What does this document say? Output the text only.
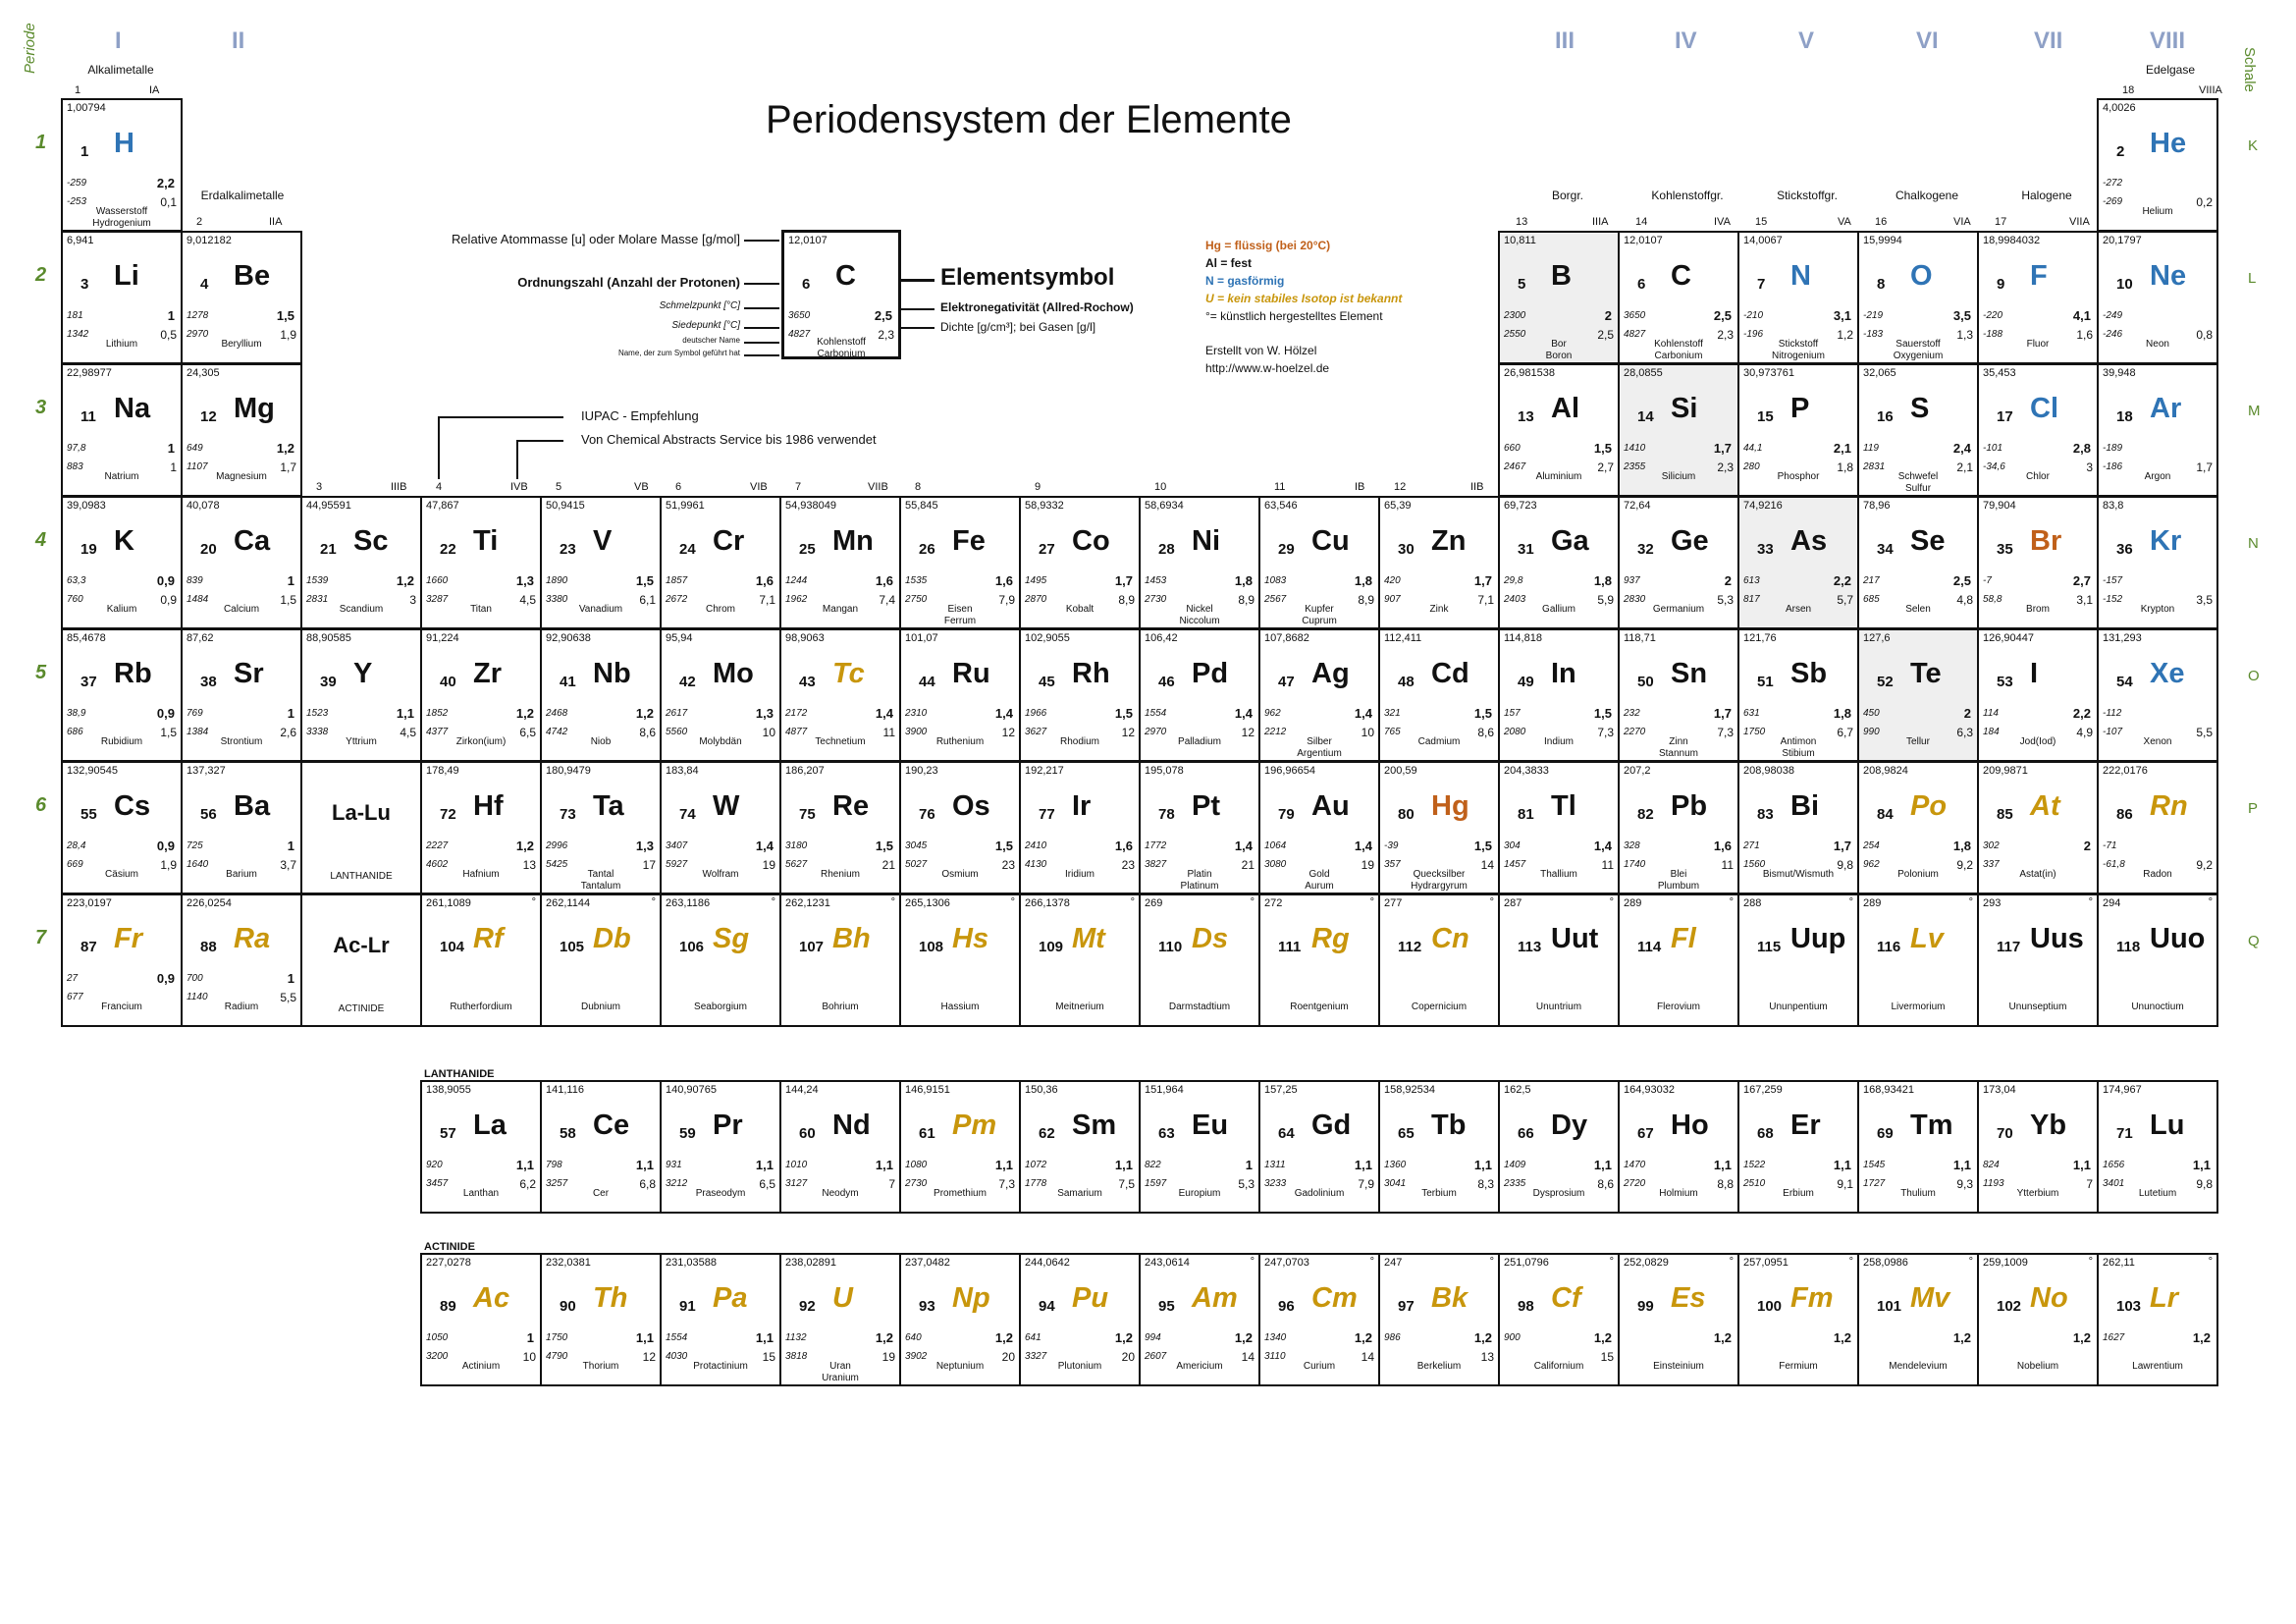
Periodensystem der Elemente
I	II	III	IV	V	VI	VII	VIII
Periode	Schale
Alkalimetalle
Erdalkalimetalle
Edelgase
Borgr.	Kohlenstoffgr.	Stickstoffgr.	Chalkogene	Halogene
1	IA	18	VIIIA
2	IIA	13	IIIA 14	IVA 15	VA 16	VIA 17	VIIA
3	IIIB	4	IVB	5	VB 6	VIB	7	VIIB 8	9	10	11	IB	12	IIB
12,0107
6 C
3650
4827
2,5
2,3
Kohlenstoff
Carbonium
Relative Atommasse [u] oder Molare Masse [g/mol]
Ordnungszahl (Anzahl der Protonen)
Schmelzpunkt [°C]
Siedepunkt [°C]
deutscher Name
Name, der zum Symbol geführt hat
Elementsymbol
Elektronegativität (Allred-Rochow)
Dichte [g/cm³]; bei Gasen [g/l]
IUPAC - Empfehlung
Von Chemical Abstracts Service bis 1986 verwendet
Hg = flüssig (bei 20°C)
Al = fest
N = gasförmig
U = kein stabiles Isotop ist bekannt
°= künstlich hergestelltes Element
Erstellt von W. Hölzel
http://www.w-hoelzel.de
LANTHANIDE
ACTINIDE
1
2
3
4
5
6
7
K
L
M
N
O
P
Q
1,00794
1 H
-259
-253
2,2
0,1
Wasserstoff
Hydrogenium
4,0026
2 He
-272
-269	0,2
Helium
6,941
3 Li
181
1342
1
0,5
Lithium
9,012182
4 Be
1278
2970
1,5
1,9
Beryllium
10,811
5 B
2300
2550
2
2,5
Bor
Boron
12,0107
6 C
3650
4827
2,5
2,3
Kohlenstoff
Carbonium
14,0067
7 N
-210
-196
3,1
1,2
Stickstoff
Nitrogenium
15,9994
8 O
-219
-183
3,5
1,3
Sauerstoff
Oxygenium
18,9984032
9 F
-220
-188
4,1
1,6
Fluor
20,1797
10 Ne
-249
-246	0,8
Neon
22,98977
11 Na
97,8
883
1
1
Natrium
24,305
12 Mg
649
1107
1,2
1,7
Magnesium
26,981538
13 Al
660
2467
1,5
2,7
Aluminium
28,0855
14 Si
1410
2355
1,7
2,3
Silicium
30,973761
15 P
44,1
280
2,1
1,8
Phosphor
32,065
16 S
119
2831
2,4
2,1
Schwefel
Sulfur
35,453
17 Cl
-101
-34,6
2,8
3
Chlor
39,948
18 Ar
-189
-186	1,7
Argon
39,0983
19 K
63,3
760
0,9
0,9
Kalium
40,078
20 Ca
839
1484
1
1,5
Calcium
44,95591
21 Sc
1539
2831
1,2
3
Scandium
47,867
22 Ti
1660
3287
1,3
4,5
Titan
50,9415
23 V
1890
3380
1,5
6,1
Vanadium
51,9961
24 Cr
1857
2672
1,6
7,1
Chrom
54,938049
25 Mn
1244
1962
1,6
7,4
Mangan
55,845
26 Fe
1535
2750
1,6
7,9
Eisen
Ferrum
58,9332
27 Co
1495
2870
1,7
8,9
Kobalt
58,6934
28 Ni
1453
2730
1,8
8,9
Nickel
Niccolum
63,546
29 Cu
1083
2567
1,8
8,9
Kupfer
Cuprum
65,39
30 Zn
420
907
1,7
7,1
Zink
69,723
31 Ga
29,8
2403
1,8
5,9
Gallium
72,64
32 Ge
937
2830
2
5,3
Germanium
74,9216
33 As
613
817
2,2
5,7
Arsen
78,96
34 Se
217
685
2,5
4,8
Selen
79,904
35 Br
-7
58,8
2,7
3,1
Brom
83,8
36 Kr
-157
-152	3,5
Krypton
85,4678
37 Rb
38,9
686
0,9
1,5
Rubidium
87,62
38 Sr
769
1384
1
2,6
Strontium
88,90585
39 Y
1523
3338
1,1
4,5
Yttrium
91,224
40 Zr
1852
4377
1,2
6,5
Zirkon(ium)
92,90638
41 Nb
2468
4742
1,2
8,6
Niob
95,94
42 Mo
2617
5560
1,3
10
Molybdän
98,9063
43 Tc
2172
4877
1,4
11
Technetium
101,07
44 Ru
2310
3900
1,4
12
Ruthenium
102,9055
45 Rh
1966
3627
1,5
12
Rhodium
106,42
46 Pd
1554
2970
1,4
12
Palladium
107,8682
47 Ag
962
2212
1,4
10
Silber
Argentium
112,411
48 Cd
321
765
1,5
8,6
Cadmium
114,818
49 In
157
2080
1,5
7,3
Indium
118,71
50 Sn
232
2270
1,7
7,3
Zinn
Stannum
121,76
51 Sb
631
1750
1,8
6,7
Antimon
Stibium
127,6
52 Te
450
990
2
6,3
Tellur
126,90447
53 I
114
184
2,2
4,9
Jod(Iod)
131,293
54 Xe
-112
-107	5,5
Xenon
132,90545
55 Cs
28,4
669
0,9
1,9
Cäsium
137,327
56 Ba
725
1640
1
3,7
Barium
178,49
72 Hf
2227
4602
1,2
13
Hafnium
180,9479
73 Ta
2996
5425
1,3
17
Tantal
Tantalum
183,84
74 W
3407
5927
1,4
19
Wolfram
186,207
75 Re
3180
5627
1,5
21
Rhenium
190,23
76 Os
3045
5027
1,5
23
Osmium
192,217
77 Ir
2410
4130
1,6
23
Iridium
195,078
78 Pt
1772
3827
1,4
21
Platin
Platinum
196,96654
79 Au
1064
3080
1,4
19
Gold
Aurum
200,59
80 Hg
-39
357
1,5
14
Quecksilber
Hydrargyrum
204,3833
81 Tl
304
1457
1,4
11
Thallium
207,2
82 Pb
328
1740
1,6
11
Blei
Plumbum
208,98038
83 Bi
271
1560
1,7
9,8
Bismut/Wismuth
208,9824
84 Po
254
962
1,8
9,2
Polonium
209,9871
85 At
302
337
2
Astat(in)
222,0176
86 Rn
-71
-61,8	9,2
Radon
223,0197
87 Fr
27
677
0,9
Francium
226,0254
88 Ra
700
1140
1
5,5
Radium
261,1089
104 Rf
Rutherfordium
° 262,1144
105 Db
Dubnium
° 263,1186
106 Sg
Seaborgium
° 262,1231
107 Bh
Bohrium
° 265,1306
108 Hs
Hassium
° 266,1378
109 Mt
Meitnerium
° 269
110 Ds
Darmstadtium
° 272
111 Rg
Roentgenium
° 277
112 Cn
Copernicium
° 287
113 Uut
Ununtrium
° 289
114 Fl
Flerovium
° 288
115 Uup
Ununpentium
° 289
116 Lv
Livermorium
° 293
117 Uus
Ununseptium
° 294
118 Uuo
Ununoctium
°
La-Lu
LANTHANIDE
Ac-Lr
ACTINIDE
138,9055
57 La
920
3457
1,1
6,2
Lanthan
141,116
58 Ce
798
3257
1,1
6,8
Cer
140,90765
59 Pr
931
3212
1,1
6,5
Praseodym
144,24
60 Nd
1010
3127
1,1
7
Neodym
146,9151
61 Pm
1080
2730
1,1
7,3
Promethium
150,36
62 Sm
1072
1778
1,1
7,5
Samarium
151,964
63 Eu
822
1597
1
5,3
Europium
157,25
64 Gd
1311
3233
1,1
7,9
Gadolinium
158,92534
65 Tb
1360
3041
1,1
8,3
Terbium
162,5
66 Dy
1409
2335
1,1
8,6
Dysprosium
164,93032
67 Ho
1470
2720
1,1
8,8
Holmium
167,259
68 Er
1522
2510
1,1
9,1
Erbium
168,93421
69 Tm
1545
1727
1,1
9,3
Thulium
173,04
70 Yb
824
1193
1,1
7
Ytterbium
174,967
71 Lu
1656
3401
1,1
9,8
Lutetium
227,0278
89 Ac
1050
3200
1
10
Actinium
232,0381
90 Th
1750
4790
1,1
12
Thorium
231,03588
91 Pa
1554
4030
1,1
15
Protactinium
238,02891
92 U
1132
3818
1,2
19
Uran
Uranium
237,0482
93 Np
640
3902
1,2
20
Neptunium
244,0642
94 Pu
641
3327
1,2
20
Plutonium
243,0614
95 Am
994
2607
1,2
14
Americium
° 247,0703
96 Cm
1340
3110
1,2
14
Curium
° 247
97 Bk
986	1,2
13
Berkelium
° 251,0796
98 Cf
900	1,2
15
Californium
° 252,0829
99 Es
1,2
Einsteinium
° 257,0951
100 Fm
1,2
Fermium
° 258,0986
101 Mv
1,2
Mendelevium
° 259,1009
102 No
1,2
Nobelium
° 262,11
103 Lr
1627	1,2
Lawrentium
°
